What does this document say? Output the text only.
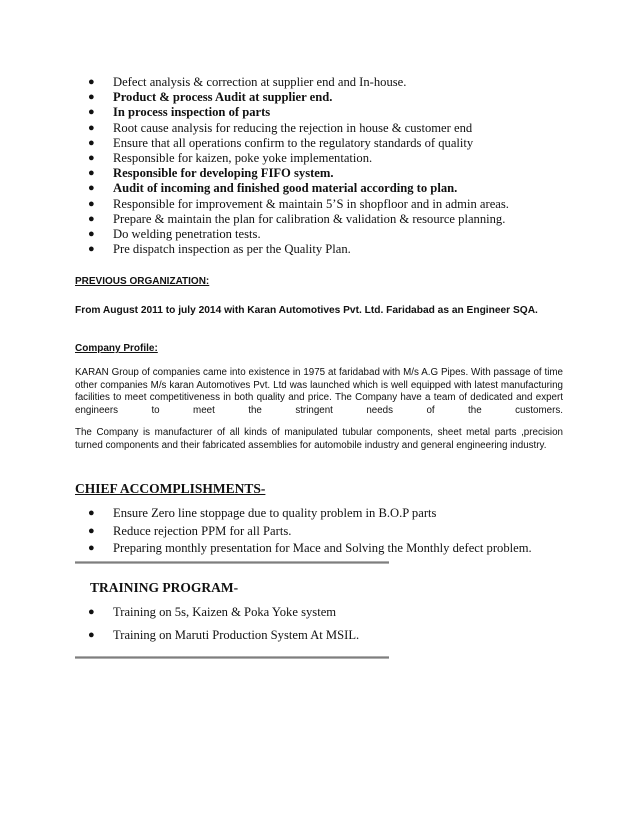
●	Defect analysis & correction at supplier end and In-house.
●	Product & process Audit at supplier end.
●	In process inspection of parts
●	Root cause analysis for reducing the rejection in house & customer end
●	Ensure that all operations confirm to the regulatory standards of quality
●	Responsible for kaizen, poke yoke implementation.
●	Responsible for developing FIFO system.
●	Audit of incoming and finished good material according to plan.
●	Responsible for improvement & maintain 5’S in shopfloor and in admin areas.
●	Prepare & maintain the plan for calibration & validation & resource planning.
●	Do welding penetration tests.
●	Pre dispatch inspection as per the Quality Plan.
PREVIOUS ORGANIZATION:
From August 2011 to july 2014 with Karan Automotives Pvt. Ltd. Faridabad as an Engineer SQA.
Company Profile:
KARAN Group of companies came into existence in 1975 at faridabad with M/s A.G Pipes. With passage of time other companies M/s karan Automotives Pvt. Ltd was launched which is well equipped with latest manufacturing facilities to meet competitiveness in both quality and price. The Company have a team of dedicated and expert engineers to meet the stringent needs of the customers.
The Company is manufacturer of all kinds of manipulated tubular components, sheet metal parts ,precision turned components and their fabricated assemblies for automobile industry and general engineering industry.
CHIEF ACCOMPLISHMENTS-
●	Ensure Zero line stoppage due to quality problem in B.O.P parts
●	Reduce rejection PPM for all Parts.
●	Preparing monthly presentation for Mace and Solving the Monthly defect problem.
TRAINING PROGRAM-
●	Training on 5s, Kaizen & Poka Yoke system
●	Training on Maruti Production System At MSIL.
